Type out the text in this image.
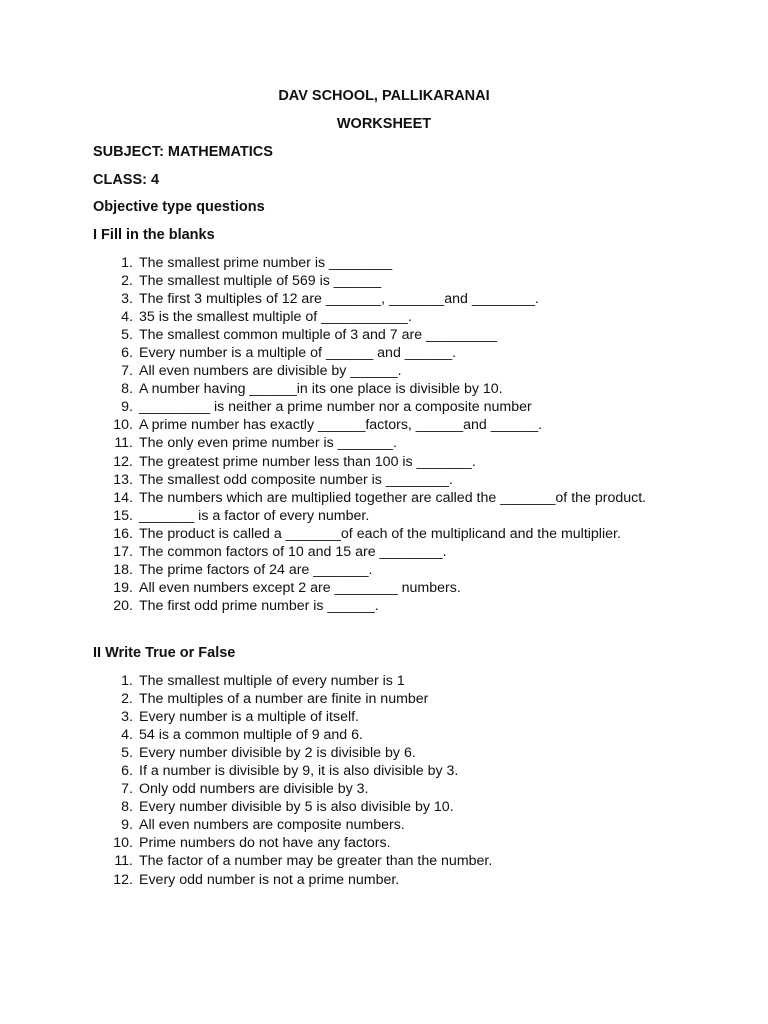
DAV SCHOOL, PALLIKARANAI
WORKSHEET
SUBJECT: MATHEMATICS
CLASS: 4
Objective type questions
I Fill in the blanks
1. The smallest prime number is ________
2. The smallest multiple of 569 is ______
3. The first 3 multiples of 12 are _______, _______and ________.
4. 35 is the smallest multiple of ___________.
5. The smallest common multiple of 3 and 7 are _________
6. Every number is a multiple of ______ and ______.
7. All even numbers are divisible by ______.
8. A number having ______in its one place is divisible by 10.
9. _________ is neither a prime number nor a composite number
10. A prime number has exactly ______factors, ______and ______.
11. The only even prime number is _______.
12. The greatest prime number less than 100 is _______.
13. The smallest odd composite number is ________.
14. The numbers which are multiplied together are called the _______of the product.
15. _______ is a factor of every number.
16. The product is called a _______of each of the multiplicand and the multiplier.
17. The common factors of 10 and 15 are ________.
18. The prime factors of 24 are _______.
19. All even numbers except 2 are ________ numbers.
20. The first odd prime number is ______.
II Write True or False
1. The smallest multiple of every number is 1
2. The multiples of a number are finite in number
3. Every number is a multiple of itself.
4. 54 is a common multiple of 9 and 6.
5. Every number divisible by 2 is divisible by 6.
6. If a number is divisible by 9, it is also divisible by 3.
7. Only odd numbers are divisible by 3.
8. Every number divisible by 5 is also divisible by 10.
9. All even numbers are composite numbers.
10. Prime numbers do not have any factors.
11. The factor of a number may be greater than the number.
12. Every odd number is not a prime number.
